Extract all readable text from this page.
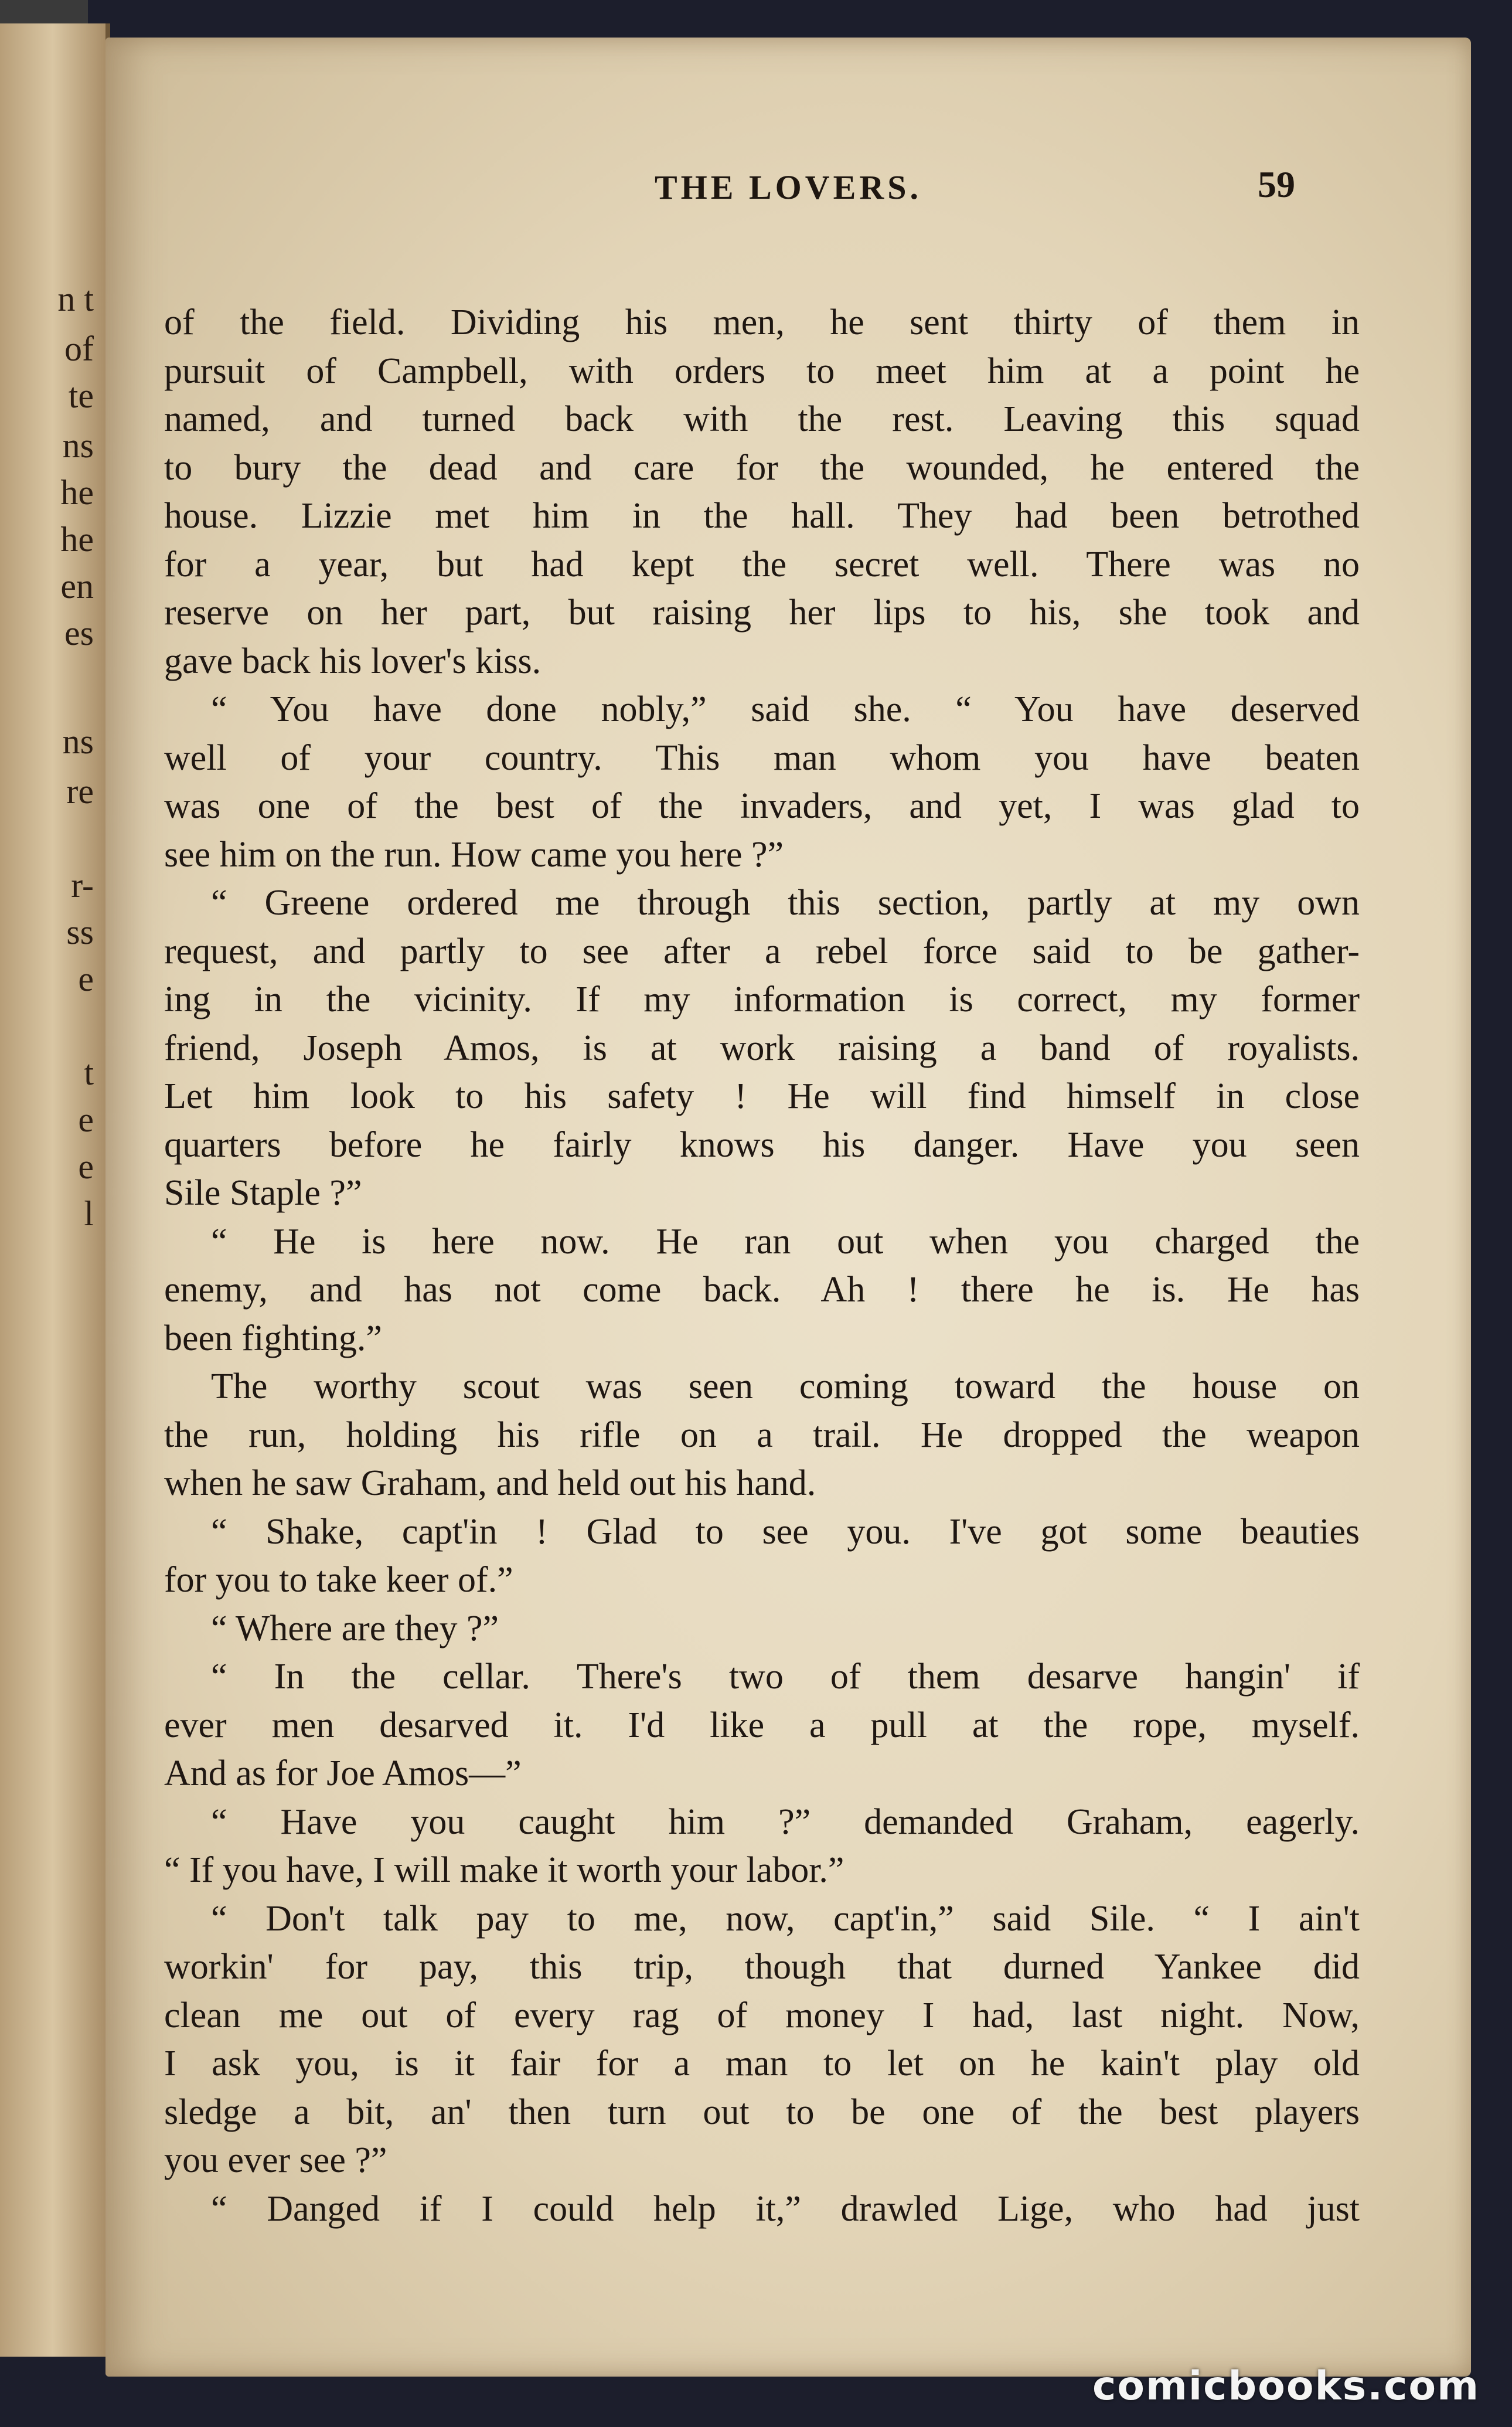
n t
of
te
ns
he
he
en
es
ns
re
r-
ss
e
t
e
e
l
THE LOVERS.	59
of the field. Dividing his men, he sent thirty of them in
pursuit of Campbell, with orders to meet him at a point he
named, and turned back with the rest. Leaving this squad
to bury the dead and care for the wounded, he entered the
house. Lizzie met him in the hall. They had been betrothed
for a year, but had kept the secret well. There was no
reserve on her part, but raising her lips to his, she took and
gave back his lover's kiss.
“ You have done nobly,” said she. “ You have deserved
well of your country. This man whom you have beaten
was one of the best of the invaders, and yet, I was glad to
see him on the run. How came you here ?”
“ Greene ordered me through this section, partly at my own
request, and partly to see after a rebel force said to be gather-
ing in the vicinity. If my information is correct, my former
friend, Joseph Amos, is at work raising a band of royalists.
Let him look to his safety ! He will find himself in close
quarters before he fairly knows his danger. Have you seen
Sile Staple ?”
“ He is here now. He ran out when you charged the
enemy, and has not come back. Ah ! there he is. He has
been fighting.”
The worthy scout was seen coming toward the house on
the run, holding his rifle on a trail. He dropped the weapon
when he saw Graham, and held out his hand.
“ Shake, capt'in ! Glad to see you. I've got some beauties
for you to take keer of.”
“ Where are they ?”
“ In the cellar. There's two of them desarve hangin' if
ever men desarved it. I'd like a pull at the rope, myself.
And as for Joe Amos—”
“ Have you caught him ?” demanded Graham, eagerly.
“ If you have, I will make it worth your labor.”
“ Don't talk pay to me, now, capt'in,” said Sile. “ I ain't
workin' for pay, this trip, though that durned Yankee did
clean me out of every rag of money I had, last night. Now,
I ask you, is it fair for a man to let on he kain't play old
sledge a bit, an' then turn out to be one of the best players
you ever see ?”
“ Danged if I could help it,” drawled Lige, who had just
comicbooks.com
